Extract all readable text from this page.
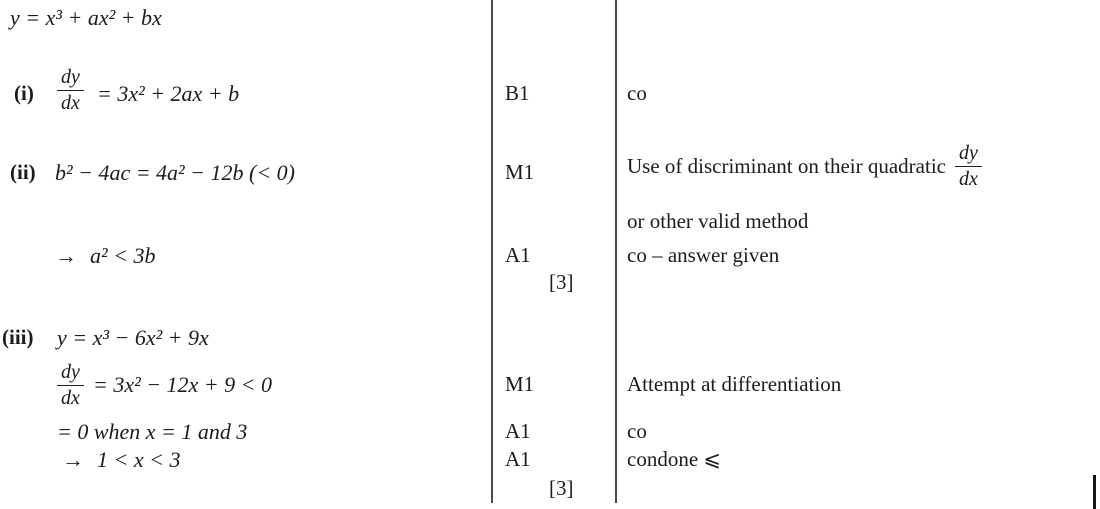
y = x³ + ax² + bx
$(i) \frac{dy}{dx} = 3x^2 + 2ax + b$	B1	co
(ii) b² − 4ac = 4a² − 12b (< 0)	M1	Use of discriminant on their quadratic $\frac{dy}{dx}$
or other valid method
→ a² < 3b	A1	co – answer given
[3]
(iii) y = x³ − 6x² + 9x
$\frac{dy}{dx} = 3x^2 - 12x + 9 < 0$	M1	Attempt at differentiation
= 0 when x = 1 and 3	A1	co
→ 1 < x < 3	A1	condone ⩽
[3]
